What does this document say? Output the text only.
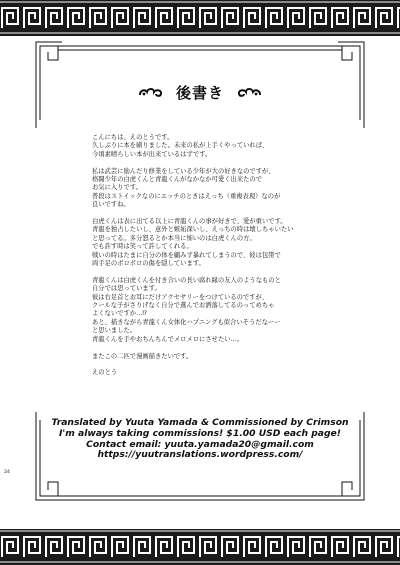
後書き
こんにちは、えのとうです。
久しぶりに本を刷りました。未来の私が上手くやっていれば、
今頃素晴らしい本が出来ているはずです。
私は武芸に励んだり修業をしている少年が大の好きなのですが、
格闘少年の白虎くんと青龍くんがなかなか可愛く出来たので
お気に入りです。
普段はストイックなのにエッチのときはえっち（重複表現）なのが
良いですね。
白虎くんは表に出てる以上に青龍くんの事が好きで、愛が重いです。
青龍を独占したいし、意外と嫉妬深いし、えっちの時は壊しちゃいたい
と思ってる。多分怒るとか本当に怖いのは白虎くんの方。
でも許す時は笑って許してくれる。
戦いの時はたまに自分の体を顧みず暴れてしまうので、彼は包帯で
両手足のボロボロの傷を隠しています。
青龍くんは白虎くんを付き合いの長い腐れ縁の友人のようなものと
自分では思っています。
彼は右足首とお耳にだけアクセサリーをつけているのですが、
クールな子がさりげなく自分で選んでお洒落してるのってめちゃ
よくないですか…⁉
あと、描きながら青龍くん女体化ハプニングも似合いそうだなーー
と思いました。
青龍くんを手やおちんちんでメロメロにさせたい…。
またこの二匹で漫画描きたいです。
えのとう
Translated by Yuuta Yamada & Commissioned by Crimson
I'm always taking commissions! $1.00 USD each page!
Contact email: yuuta.yamada20@gmail.com
https://yuutranslations.wordpress.com/
24
